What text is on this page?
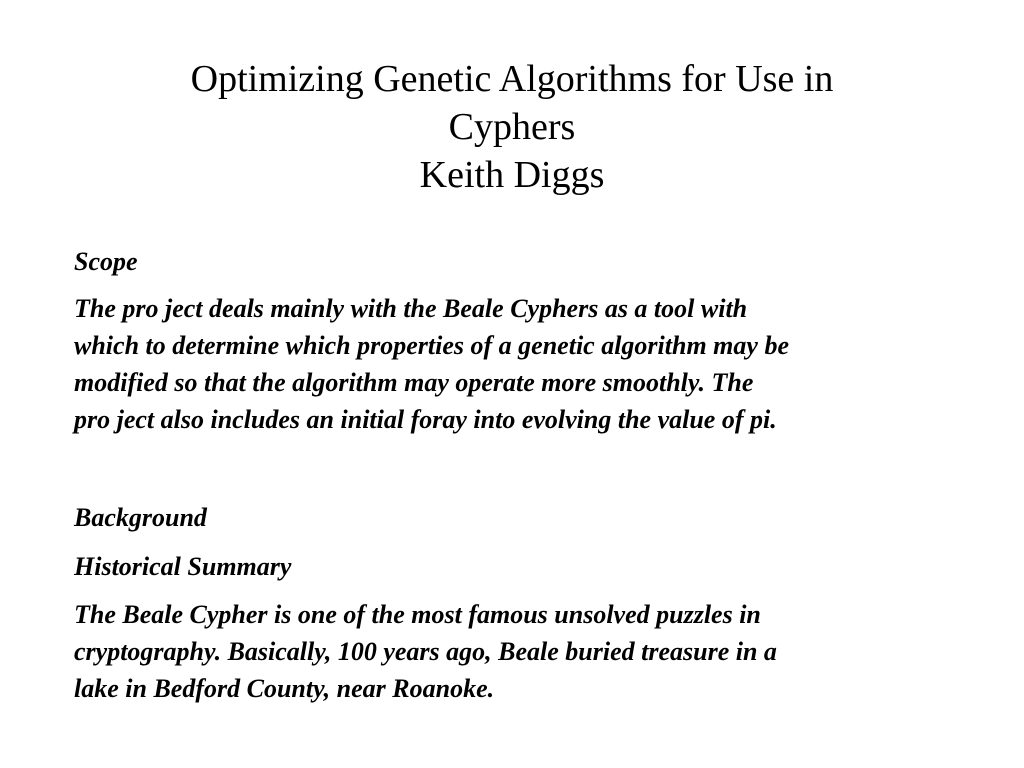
Optimizing Genetic Algorithms for Use in
Cyphers
Keith Diggs

Scope

The pro ject deals mainly with the Beale Cyphers as a tool with
which to determine which properties of a genetic algorithm may be
modified so that the algorithm may operate more smoothly. The
pro ject also includes an initial foray into evolving the value of pi.

Background

Historical Summary

The Beale Cypher is one of the most famous unsolved puzzles in
cryptography. Basically, 100 years ago, Beale buried treasure in a
lake in Bedford County, near Roanoke.
